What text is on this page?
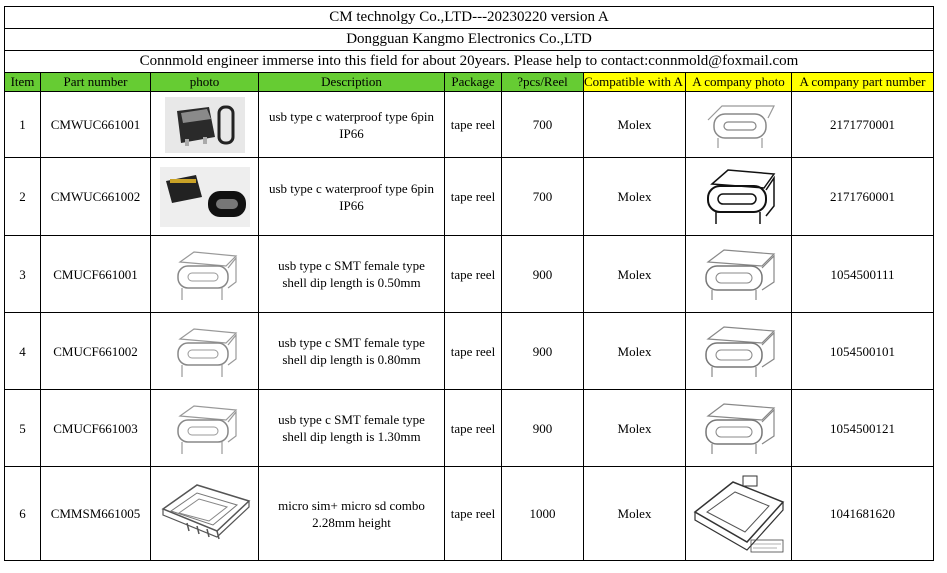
CM technolgy Co.,LTD---20230220 version A								
Dongguan Kangmo Electronics Co.,LTD								
Connmold engineer immerse into this field for about 20years. Please help to contact:connmold@foxmail.com								
Item	Part number	photo	Description	Package	?pcs/Reel	Compatible with A	A company photo	A company part number
1	CMWUC661001		usb type c waterproof type 6pin IP66	tape reel	700	Molex		2171770001
2	CMWUC661002		usb type c waterproof type 6pin IP66	tape reel	700	Molex		2171760001
3	CMUCF661001		usb type c SMT female type shell dip length is 0.50mm	tape reel	900	Molex		1054500111
4	CMUCF661002		usb type c SMT female type shell dip length is 0.80mm	tape reel	900	Molex		1054500101
5	CMUCF661003		usb type c SMT female type shell dip length is 1.30mm	tape reel	900	Molex		1054500121
6	CMMSM661005		micro sim+ micro sd combo 2.28mm height	tape reel	1000	Molex		1041681620
